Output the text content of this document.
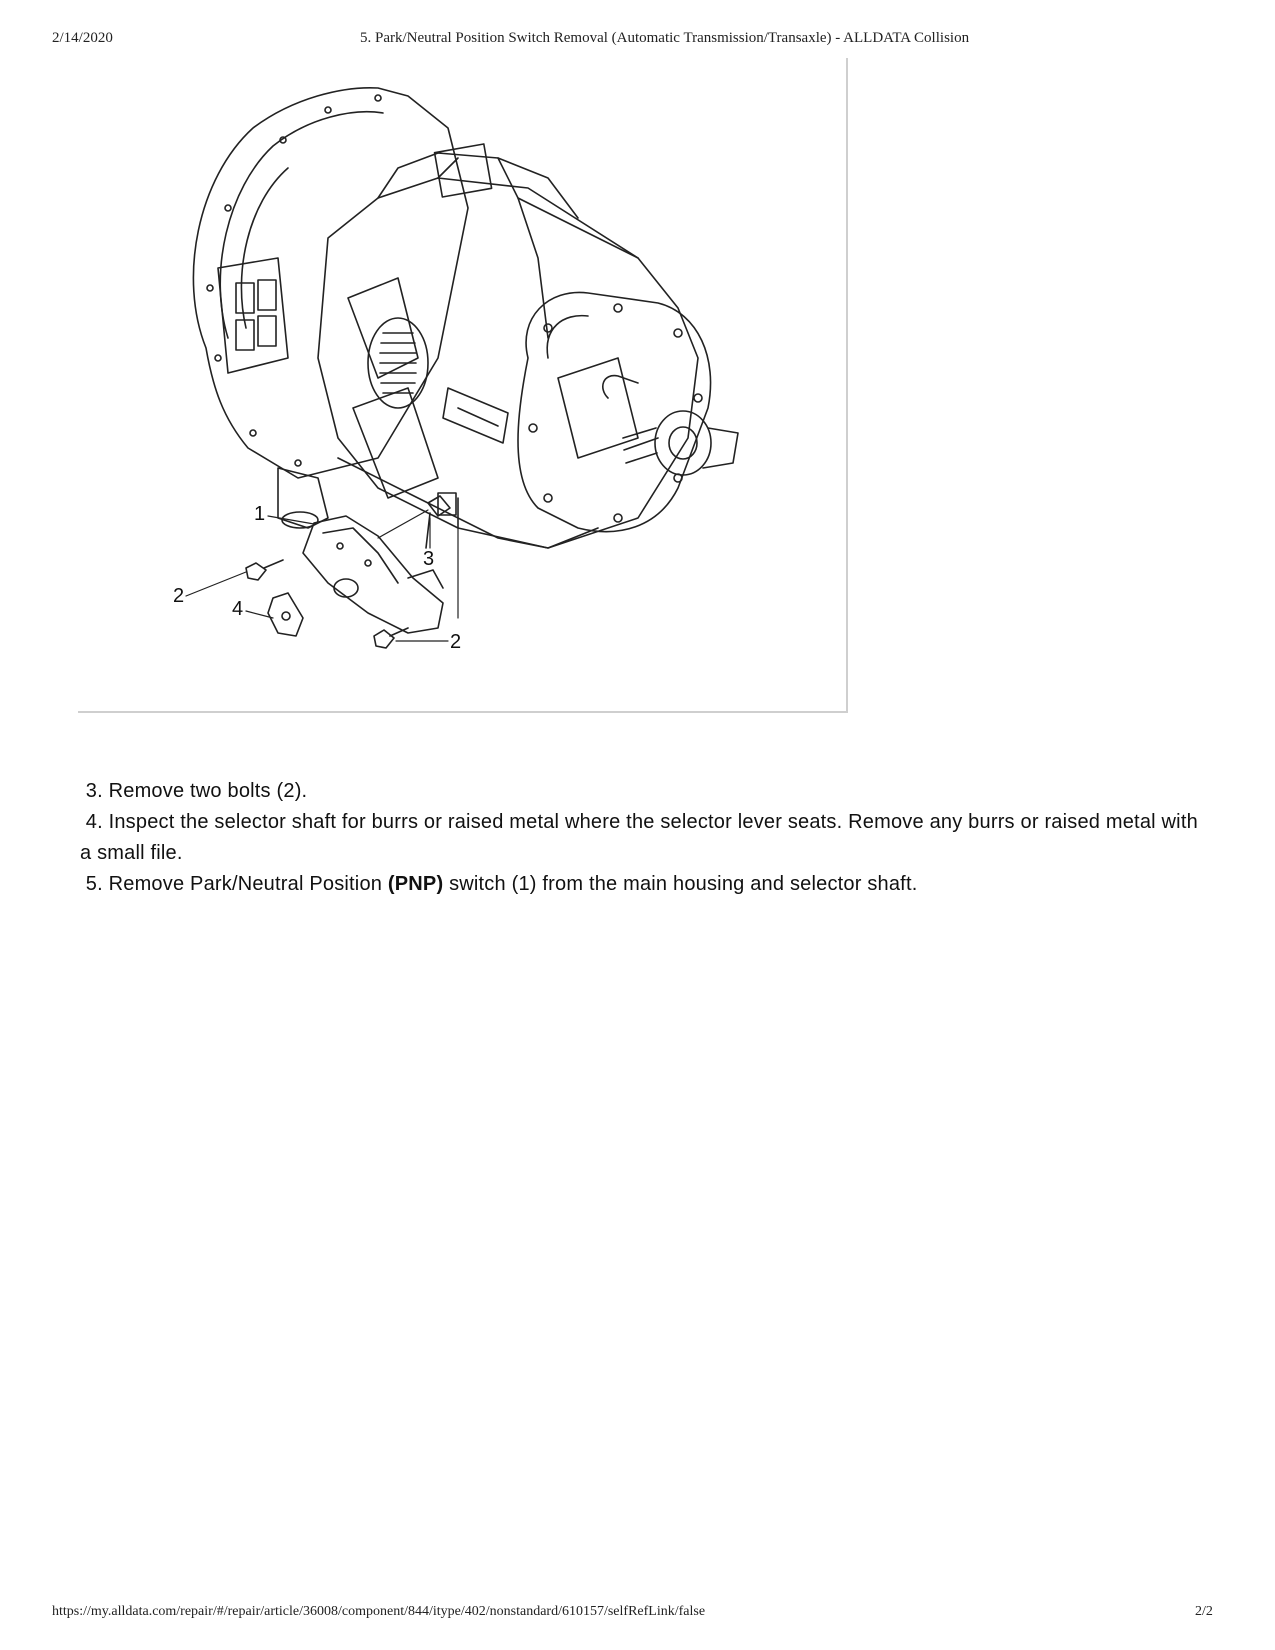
2/14/2020	5. Park/Neutral Position Switch Removal (Automatic Transmission/Transaxle) - ALLDATA Collision
1
2
3
4
2

3. Remove two bolts (2).

4. Inspect the selector shaft for burrs or raised metal where the selector lever seats. Remove any burrs or raised metal with a small file.

5. Remove Park/Neutral Position (PNP) switch (1) from the main housing and selector shaft.

https://my.alldata.com/repair/#/repair/article/36008/component/844/itype/402/nonstandard/610157/selfRefLink/false	2/2
